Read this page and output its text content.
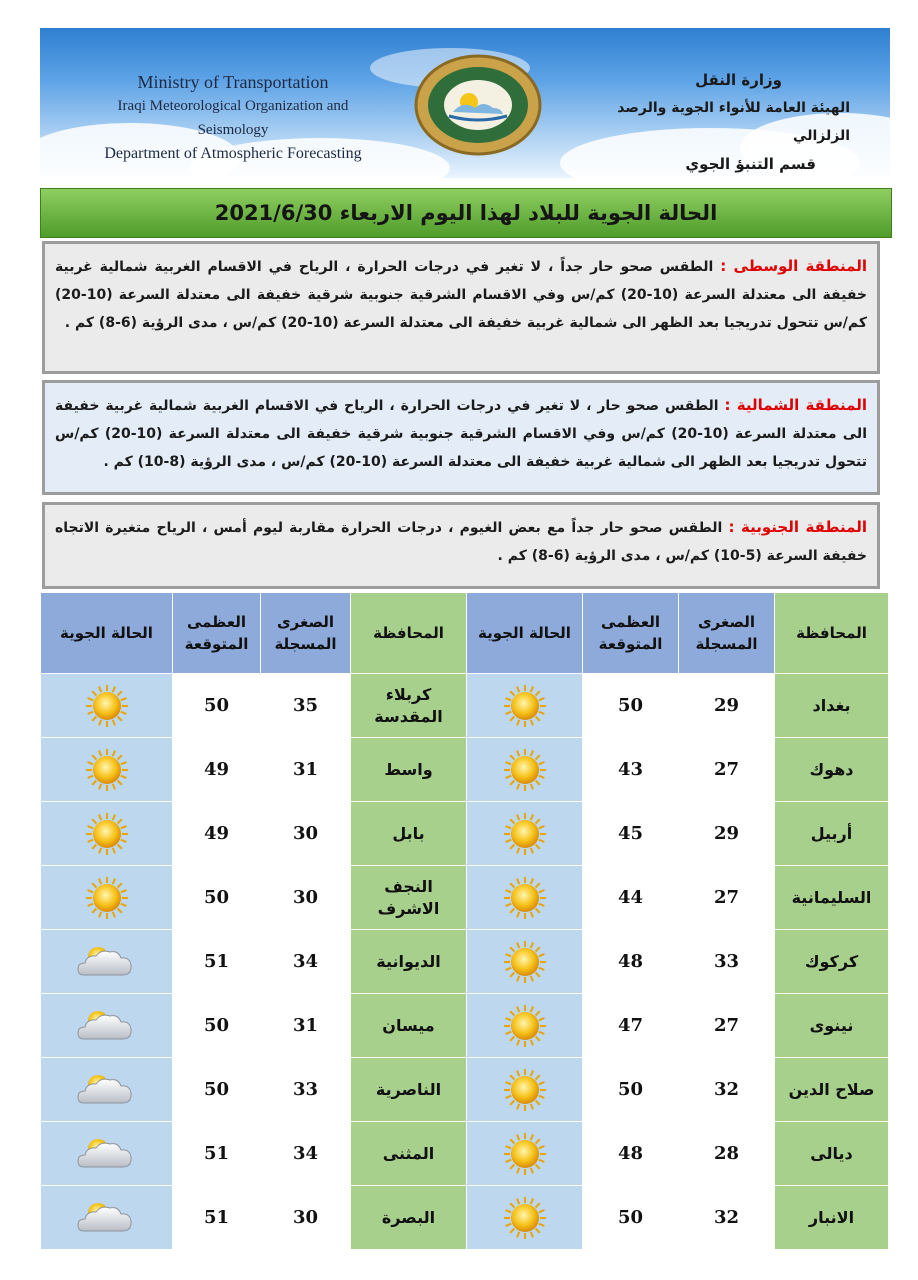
Ministry of Transportation
Iraqi Meteorological Organization and Seismology
Department of Atmospheric Forecasting
وزارة النقل
الهيئة العامة للأنواء الجوية والرصد الزلزالي
قسم التنبؤ الجوي
الحالة الجوية للبلاد لهذا اليوم الاربعاء 2021/6/30
المنطقة الوسطى : الطقس صحو حار جداً ، لا تغير في درجات الحرارة ، الرياح في الاقسام الغربية شمالية غربية خفيفة الى معتدلة السرعة (10-20) كم/س وفي الاقسام الشرقية جنوبية شرقية خفيفة الى معتدلة السرعة (10-20) كم/س تتحول تدريجيا بعد الظهر الى شمالية غربية خفيفة الى معتدلة السرعة (10-20) كم/س ، مدى الرؤية (6-8) كم .
المنطقة الشمالية : الطقس صحو حار ، لا تغير في درجات الحرارة ، الرياح في الاقسام الغربية شمالية غربية خفيفة الى معتدلة السرعة (10-20) كم/س وفي الاقسام الشرقية جنوبية شرقية خفيفة الى معتدلة السرعة (10-20) كم/س تتحول تدريجيا بعد الظهر الى شمالية غربية خفيفة الى معتدلة السرعة (10-20) كم/س ، مدى الرؤية (8-10) كم .
المنطقة الجنوبية : الطقس صحو حار جداً مع بعض الغيوم ، درجات الحرارة مقاربة ليوم أمس ، الرياح متغيرة الاتجاه خفيفة السرعة (5-10) كم/س ، مدى الرؤية (6-8) كم .
المحافظة	الصغرى المسجلة	العظمى المتوقعة	الحالة الجوية	المحافظة	الصغرى المسجلة	العظمى المتوقعة	الحالة الجوية
بغداد	29	50		كربلاء المقدسة	35	50	
دهوك	27	43		واسط	31	49	
أربيل	29	45		بابل	30	49	
السليمانية	27	44		النجف الاشرف	30	50	
كركوك	33	48		الديوانية	34	51	
نينوى	27	47		ميسان	31	50	
صلاح الدين	32	50		الناصرية	33	50	
ديالى	28	48		المثنى	34	51	
الانبار	32	50		البصرة	30	51	
